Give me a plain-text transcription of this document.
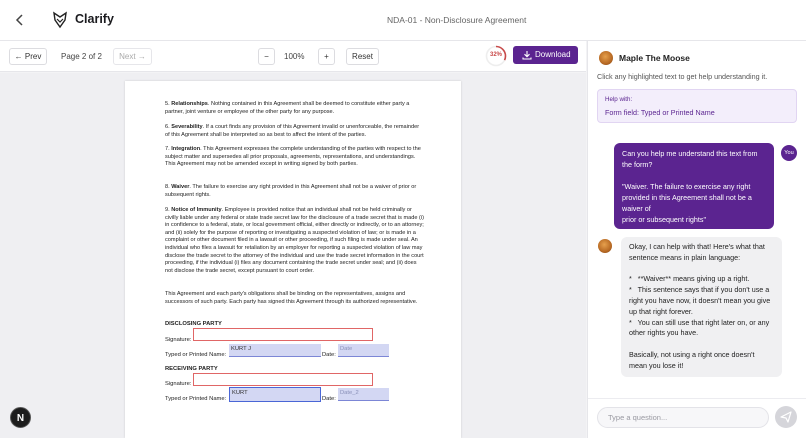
Clarify	NDA-01 - Non-Disclosure Agreement
← Prev	Page 2 of 2	Next →	−	100%	+	Reset	32%	Download
5. Relationships. Nothing contained in this Agreement shall be deemed to constitute either party a partner, joint venture or employee of the other party for any purpose.
6. Severability. If a court finds any provision of this Agreement invalid or unenforceable, the remainder of this Agreement shall be interpreted so as best to affect the intent of the parties.
7. Integration. This Agreement expresses the complete understanding of the parties with respect to the subject matter and supersedes all prior proposals, agreements, representations, and understandings. This Agreement may not be amended except in writing signed by both parties.
8. Waiver. The failure to exercise any right provided in this Agreement shall not be a waiver of prior or subsequent rights.
9. Notice of Immunity. Employee is provided notice that an individual shall not be held criminally or civilly liable under any federal or state trade secret law for the disclosure of a trade secret that is made (i) in confidence to a federal, state, or local government official, either directly or indirectly, or to an attorney; and (ii) solely for the purpose of reporting or investigating a suspected violation of law; or is made in a complaint or other document filed in a lawsuit or other proceeding, if such filing is made under seal. An individual who files a lawsuit for retaliation by an employer for reporting a suspected violation of law may disclose the trade secret to the attorney of the individual and use the trade secret information in the court proceeding, if the individual (i) files any document containing the trade secret under seal; and (ii) does not disclose the trade secret, except pursuant to court order.
This Agreement and each party's obligations shall be binding on the representatives, assigns and successors of such party. Each party has signed this Agreement through its authorized representative.
DISCLOSING PARTY
Signature:
Typed or Printed Name:
KURT J
Date:
Date
RECEIVING PARTY
Signature:
Typed or Printed Name:
KURT
Date:
Date_2
N
Maple The Moose
Click any highlighted text to get help understanding it.
Help with:
Form field: Typed or Printed Name
Can you help me understand this text from the form?

"Waiver. The failure to exercise any right provided in this Agreement shall not be a waiver of
prior or subsequent rights"
You
Okay, I can help with that! Here's what that sentence means in plain language:

*   **Waiver** means giving up a right.
*   This sentence says that if you don't use a right you have now, it doesn't mean you give up that right forever.
*   You can still use that right later on, or any other rights you have.

Basically, not using a right once doesn't mean you lose it!
Type a question...
